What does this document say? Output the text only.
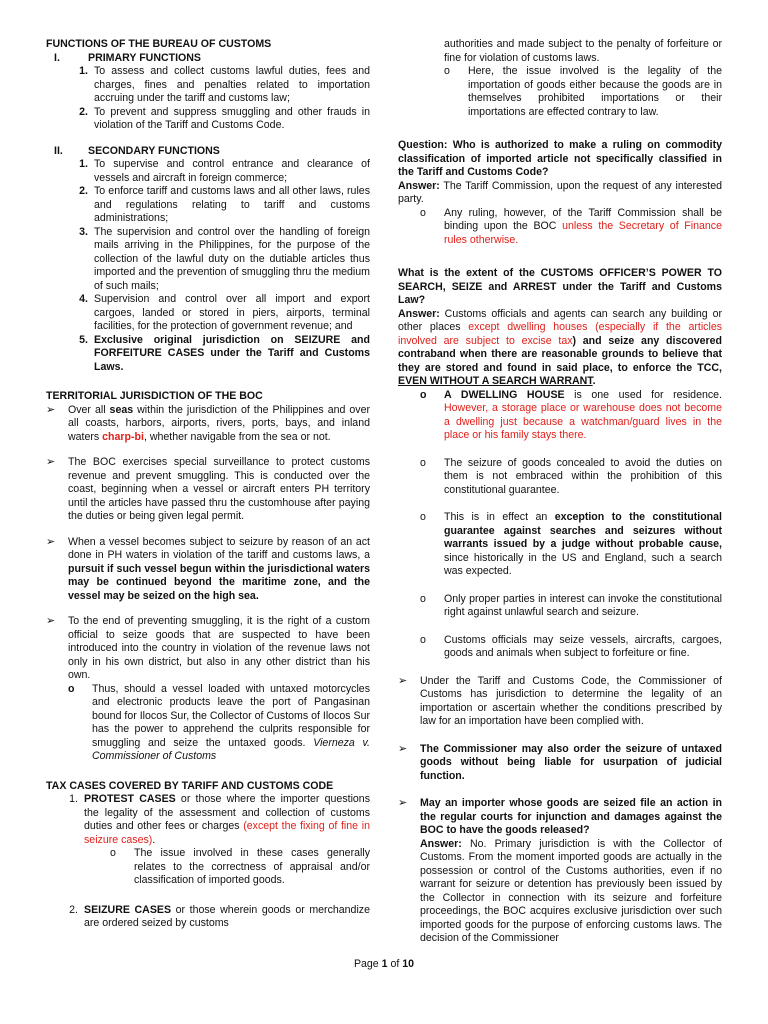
FUNCTIONS OF THE BUREAU OF CUSTOMS

I.	PRIMARY FUNCTIONS

1. To assess and collect customs lawful duties, fees and charges, fines and penalties related to importation accruing under the tariff and customs law;
2. To prevent and suppress smuggling and other frauds in violation of the Tariff and Customs Code.

II. SECONDARY FUNCTIONS

1. To supervise and control entrance and clearance of vessels and aircraft in foreign commerce;
2. To enforce tariff and customs laws and all other laws, rules and regulations relating to tariff and customs administrations;
3. The supervision and control over the handling of foreign mails arriving in the Philippines, for the purpose of the collection of the lawful duty on the dutiable articles thus imported and the prevention of smuggling thru the medium of such mails;
4. Supervision and control over all import and export cargoes, landed or stored in piers, airports, terminal facilities, for the protection of government revenue; and
5. Exclusive original jurisdiction on SEIZURE and FORFEITURE CASES under the Tariff and Customs Laws.

TERRITORIAL JURISDICTION OF THE BOC

➢	Over all seas within the jurisdiction of the Philippines and over all coasts, harbors, airports, rivers, ports, bays, and inland waters charp-bi, whether navigable from the sea or not.
➢	The BOC exercises special surveillance to protect customs revenue and prevent smuggling. This is conducted over the coast, beginning when a vessel or aircraft enters PH territory until the articles have passed thru the customhouse after paying the duties or being given legal permit.
➢	When a vessel becomes subject to seizure by reason of an act done in PH waters in violation of the tariff and customs laws, a pursuit if such vessel begun within the jurisdictional waters may be continued beyond the maritime zone, and the vessel may be seized on the high sea.
➢	To the end of preventing smuggling, it is the right of a custom official to seize goods that are suspected to have been introduced into the country in violation of the revenue laws not only in his own district, but also in any other district than his own.
o	Thus, should a vessel loaded with untaxed motorcycles and electronic products leave the port of Pangasinan bound for Ilocos Sur, the Collector of Customs of Ilocos Sur has the power to apprehend the culprits responsible for smuggling and seize the untaxed goods. Vierneza v. Commissioner of Customs

TAX CASES COVERED BY TARIFF AND CUSTOMS CODE

1. PROTEST CASES or those where the importer questions the legality of the assessment and collection of customs duties and other fees or charges (except the fixing of fine in seizure cases).
o	The issue involved in these cases generally relates to the correctness of appraisal and/or classification of imported goods.
2. SEIZURE CASES or those wherein goods or merchandize are ordered seized by customs

authorities and made subject to the penalty of forfeiture or fine for violation of customs laws.

o	Here, the issue involved is the legality of the importation of goods either because the goods are in themselves prohibited importations or their importations are effected contrary to law.

Question: Who is authorized to make a ruling on commodity classification of imported article not specifically classified in the Tariff and Customs Code?

Answer: The Tariff Commission, upon the request of any interested party.

o	Any ruling, however, of the Tariff Commission shall be binding upon the BOC unless the Secretary of Finance rules otherwise.

What is the extent of the CUSTOMS OFFICER’S POWER TO SEARCH, SEIZE and ARREST under the Tariff and Customs Law?

Answer: Customs officials and agents can search any building or other places except dwelling houses (especially if the articles involved are subject to excise tax) and seize any discovered contraband when there are reasonable grounds to believe that they are stored and found in said place, to enforce the TCC, EVEN WITHOUT A SEARCH WARRANT.

o	A DWELLING HOUSE is one used for residence. However, a storage place or warehouse does not become a dwelling just because a watchman/guard lives in the place or his family stays there.
o	The seizure of goods concealed to avoid the duties on them is not embraced within the prohibition of this constitutional guarantee.
o	This is in effect an exception to the constitutional guarantee against searches and seizures without warrants issued by a judge without probable cause, since historically in the US and England, such a search was expected.
o	Only proper parties in interest can invoke the constitutional right against unlawful search and seizure.
o	Customs officials may seize vessels, aircrafts, cargoes, goods and animals when subject to forfeiture or fine.
➢	Under the Tariff and Customs Code, the Commissioner of Customs has jurisdiction to determine the legality of an importation or ascertain whether the conditions prescribed by law for an importation have been complied with.
➢	The Commissioner may also order the seizure of untaxed goods without being liable for usurpation of judicial function.
➢	May an importer whose goods are seized file an action in the regular courts for injunction and damages against the BOC to have the goods released?
Answer: No. Primary jurisdiction is with the Collector of Customs. From the moment imported goods are actually in the possession or control of the Customs authorities, even if no warrant for seizure or detention has previously been issued by the Collector in connection with its seizure and forfeiture proceedings, the BOC acquires exclusive jurisdiction over such imported goods for the purpose of enforcing customs laws. The decision of the Commissioner
Page 1 of 10
